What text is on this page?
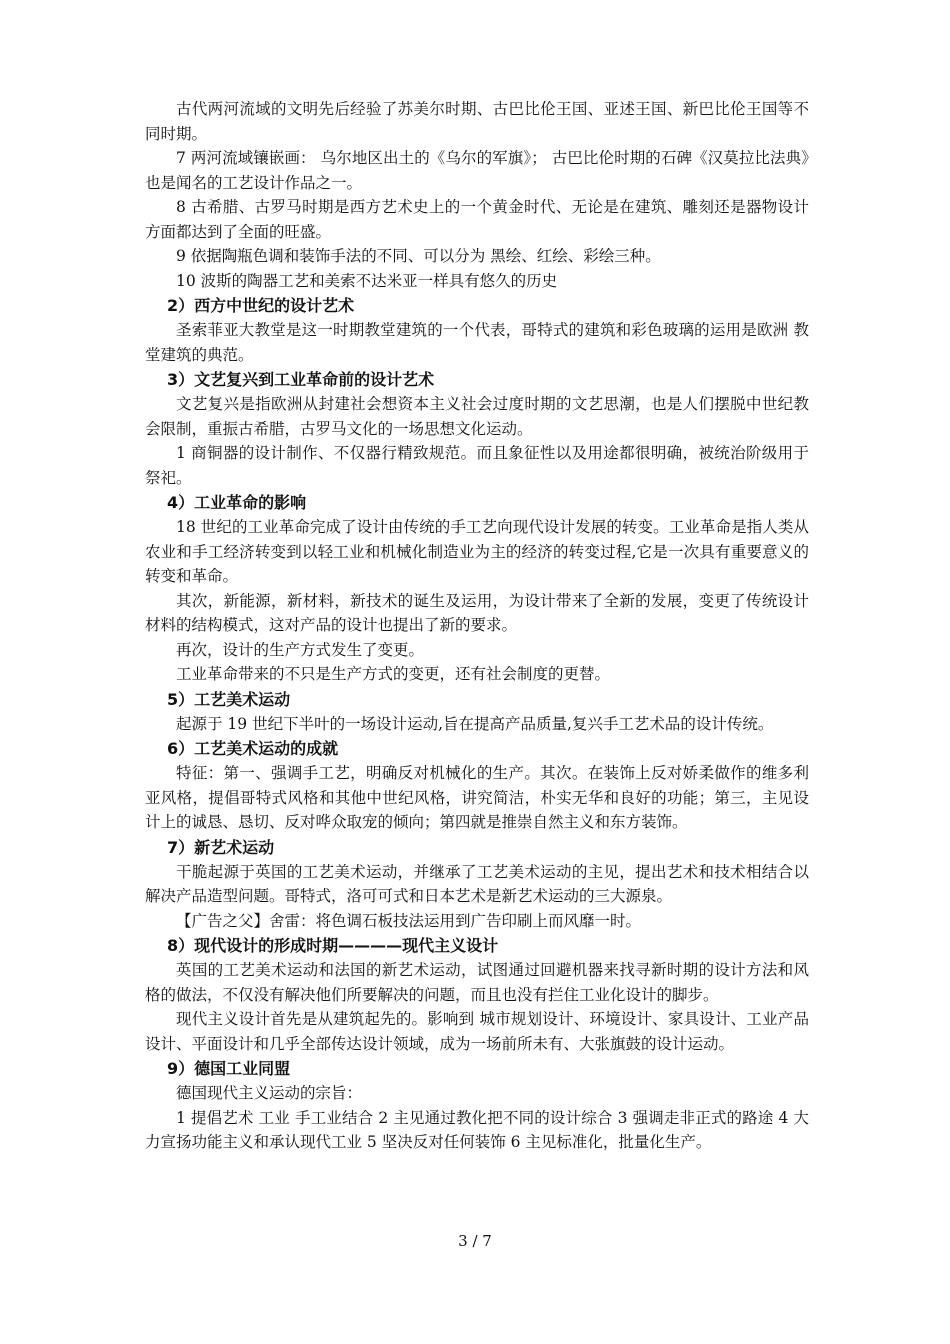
古代两河流域的文明先后经验了苏美尔时期、古巴比伦王国、亚述王国、新巴比伦王国等不同时期。

7 两河流域镶嵌画： 乌尔地区出土的《乌尔的军旗》； 古巴比伦时期的石碑《汉莫拉比法典》也是闻名的工艺设计作品之一。

8 古希腊、古罗马时期是西方艺术史上的一个黄金时代、无论是在建筑、雕刻还是器物设计方面都达到了全面的旺盛。

9 依据陶瓶色调和装饰手法的不同、可以分为 黑绘、红绘、彩绘三种。

10 波斯的陶器工艺和美索不达米亚一样具有悠久的历史

2）西方中世纪的设计艺术

圣索菲亚大教堂是这一时期教堂建筑的一个代表，哥特式的建筑和彩色玻璃的运用是欧洲 教堂建筑的典范。

3）文艺复兴到工业革命前的设计艺术

文艺复兴是指欧洲从封建社会想资本主义社会过度时期的文艺思潮，也是人们摆脱中世纪教会限制，重振古希腊，古罗马文化的一场思想文化运动。

1 商铜器的设计制作、不仅器行精致规范。而且象征性以及用途都很明确，被统治阶级用于祭祀。

4）工业革命的影响

18 世纪的工业革命完成了设计由传统的手工艺向现代设计发展的转变。工业革命是指人类从农业和手工经济转变到以轻工业和机械化制造业为主的经济的转变过程,它是一次具有重要意义的转变和革命。

其次，新能源，新材料，新技术的诞生及运用，为设计带来了全新的发展，变更了传统设计材料的结构模式，这对产品的设计也提出了新的要求。

再次，设计的生产方式发生了变更。

工业革命带来的不只是生产方式的变更，还有社会制度的更替。

5）工艺美术运动

起源于 19 世纪下半叶的一场设计运动,旨在提高产品质量,复兴手工艺术品的设计传统。

6）工艺美术运动的成就

特征：第一、强调手工艺，明确反对机械化的生产。其次。在装饰上反对娇柔做作的维多利亚风格，提倡哥特式风格和其他中世纪风格，讲究简洁，朴实无华和良好的功能；第三，主见设计上的诚恳、恳切、反对哗众取宠的倾向；第四就是推崇自然主义和东方装饰。

7）新艺术运动

干脆起源于英国的工艺美术运动，并继承了工艺美术运动的主见，提出艺术和技术相结合以解决产品造型问题。哥特式，洛可可式和日本艺术是新艺术运动的三大源泉。

【广告之父】舍雷：将色调石板技法运用到广告印刷上而风靡一时。

8）现代设计的形成时期————现代主义设计

英国的工艺美术运动和法国的新艺术运动，试图通过回避机器来找寻新时期的设计方法和风格的做法，不仅没有解决他们所要解决的问题，而且也没有拦住工业化设计的脚步。

现代主义设计首先是从建筑起先的。影响到 城市规划设计、环境设计、家具设计、工业产品设计、平面设计和几乎全部传达设计领域，成为一场前所未有、大张旗鼓的设计运动。

9）德国工业同盟

德国现代主义运动的宗旨：

1 提倡艺术 工业 手工业结合 2 主见通过教化把不同的设计综合 3 强调走非正式的路途 4 大力宣扬功能主义和承认现代工业 5 坚决反对任何装饰 6 主见标准化，批量化生产。

3 / 7
